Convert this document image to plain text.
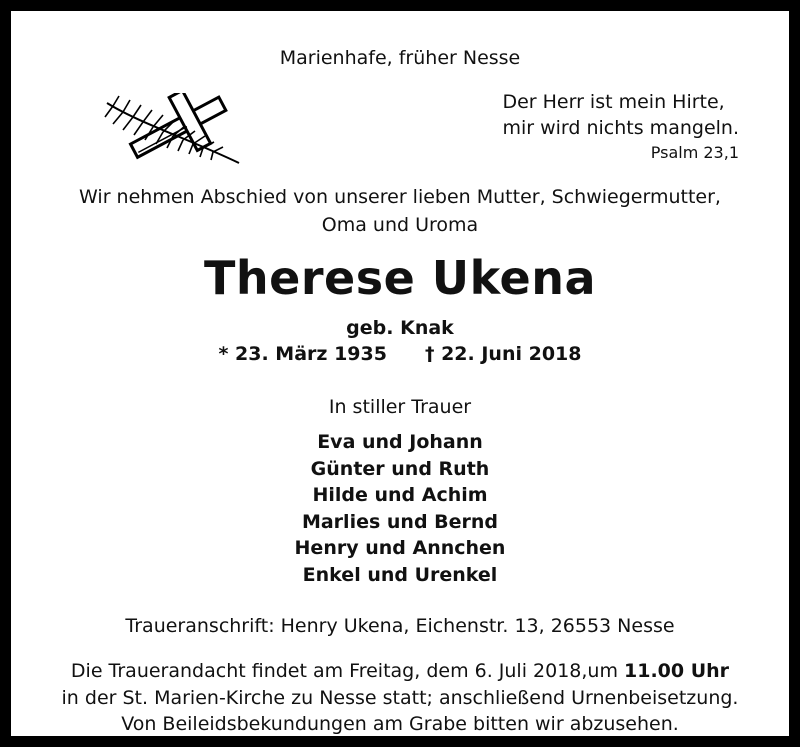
Marienhafe, früher Nesse
Der Herr ist mein Hirte,
mir wird nichts mangeln.
Psalm 23,1
Wir nehmen Abschied von unserer lieben Mutter, Schwiegermutter,
Oma und Uroma
Therese Ukena
geb. Knak
* 23. März 1935 † 22. Juni 2018
In stiller Trauer
Eva und Johann
Günter und Ruth
Hilde und Achim
Marlies und Bernd
Henry und Annchen
Enkel und Urenkel
Traueranschrift: Henry Ukena, Eichenstr. 13, 26553 Nesse
Die Trauerandacht findet am Freitag, dem 6. Juli 2018,um 11.00 Uhr
in der St. Marien-Kirche zu Nesse statt; anschließend Urnenbeisetzung.
Von Beileidsbekundungen am Grabe bitten wir abzusehen.
